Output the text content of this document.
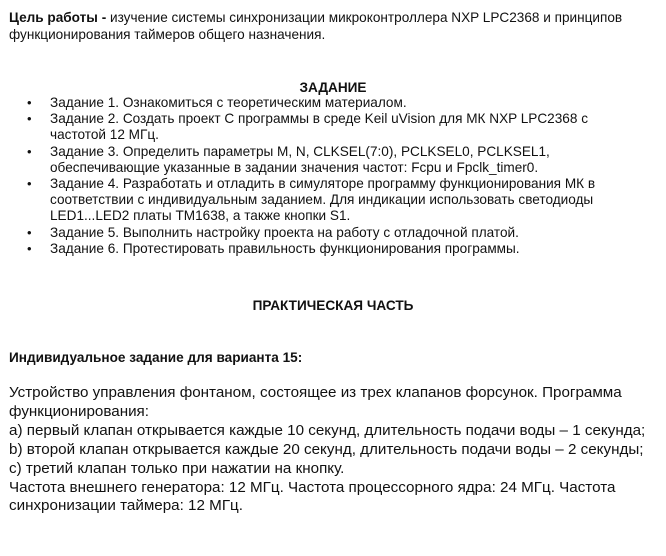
Цель работы - изучение системы синхронизации микроконтроллера NXP LPC2368 и принципов функционирования таймеров общего назначения.
ЗАДАНИЕ
• Задание 1. Ознакомиться с теоретическим материалом.
• Задание 2. Создать проект С программы в среде Keil uVision для МК NXP LPC2368 с частотой 12 МГц.
• Задание 3. Определить параметры M, N, CLKSEL(7:0), PCLKSEL0, PCLKSEL1, обеспечивающие указанные в задании значения частот: Fcpu и Fpclk_timer0.
• Задание 4. Разработать и отладить в симуляторе программу функционирования МК в соответствии с индивидуальным заданием. Для индикации использовать светодиоды LED1...LED2 платы TM1638, а также кнопки S1.
• Задание 5. Выполнить настройку проекта на работу с отладочной платой.
• Задание 6. Протестировать правильность функционирования программы.
ПРАКТИЧЕСКАЯ ЧАСТЬ
Индивидуальное задание для варианта 15:
Устройство управления фонтаном, состоящее из трех клапанов форсунок. Программа функционирования:
а) первый клапан открывается каждые 10 секунд, длительность подачи воды – 1 секунда;
b) второй клапан открывается каждые 20 секунд, длительность подачи воды – 2 секунды;
с) третий клапан только при нажатии на кнопку.
Частота внешнего генератора: 12 МГц. Частота процессорного ядра: 24 МГц. Частота синхронизации таймера: 12 МГц.
